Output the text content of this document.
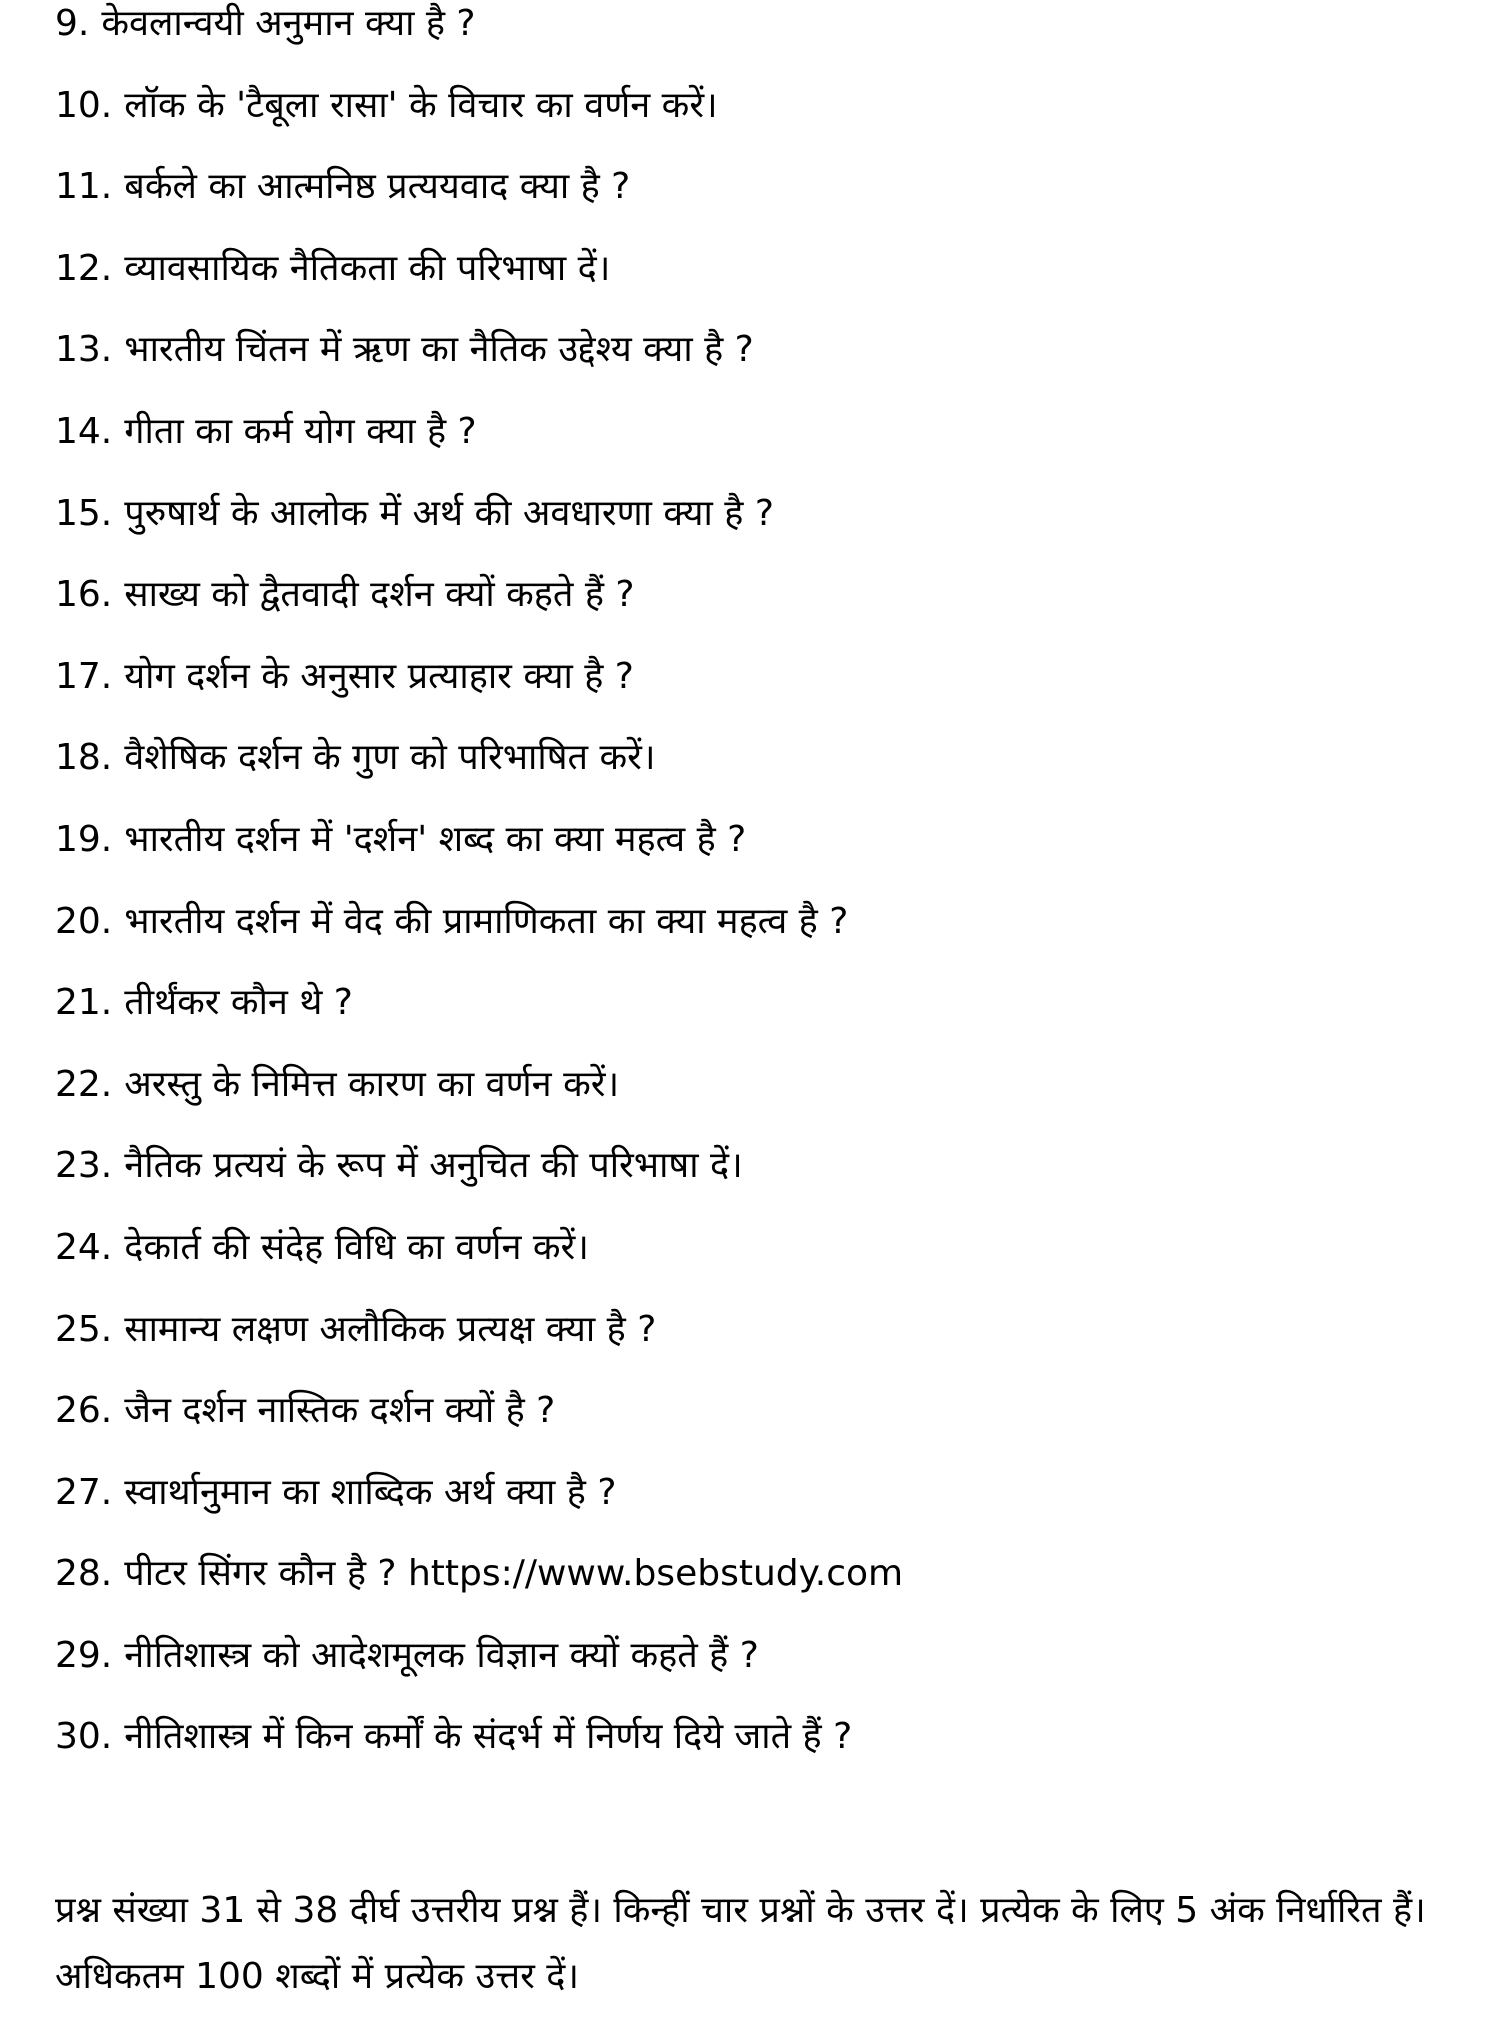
9. केवलान्वयी अनुमान क्या है ?
10. लॉक के 'टैबूला रासा' के विचार का वर्णन करें।
11. बर्कले का आत्मनिष्ठ प्रत्ययवाद क्या है ?
12. व्यावसायिक नैतिकता की परिभाषा दें।
13. भारतीय चिंतन में ऋण का नैतिक उद्देश्य क्या है ?
14. गीता का कर्म योग क्या है ?
15. पुरुषार्थ के आलोक में अर्थ की अवधारणा क्या है ?
16. साख्य को द्वैतवादी दर्शन क्यों कहते हैं ?
17. योग दर्शन के अनुसार प्रत्याहार क्या है ?
18. वैशेषिक दर्शन के गुण को परिभाषित करें।
19. भारतीय दर्शन में 'दर्शन' शब्द का क्या महत्व है ?
20. भारतीय दर्शन में वेद की प्रामाणिकता का क्या महत्व है ?
21. तीर्थंकर कौन थे ?
22. अरस्तु के निमित्त कारण का वर्णन करें।
23. नैतिक प्रत्ययं के रूप में अनुचित की परिभाषा दें।
24. देकार्त की संदेह विधि का वर्णन करें।
25. सामान्य लक्षण अलौकिक प्रत्यक्ष क्या है ?
26. जैन दर्शन नास्तिक दर्शन क्यों है ?
27. स्वार्थानुमान का शाब्दिक अर्थ क्या है ?
28. पीटर सिंगर कौन है ? https://www.bsebstudy.com
29. नीतिशास्त्र को आदेशमूलक विज्ञान क्यों कहते हैं ?
30. नीतिशास्त्र में किन कर्मों के संदर्भ में निर्णय दिये जाते हैं ?

प्रश्न संख्या 31 से 38 दीर्घ उत्तरीय प्रश्न हैं। किन्हीं चार प्रश्नों के उत्तर दें। प्रत्येक के लिए 5 अंक निर्धारित हैं। अधिकतम 100 शब्दों में प्रत्येक उत्तर दें।
